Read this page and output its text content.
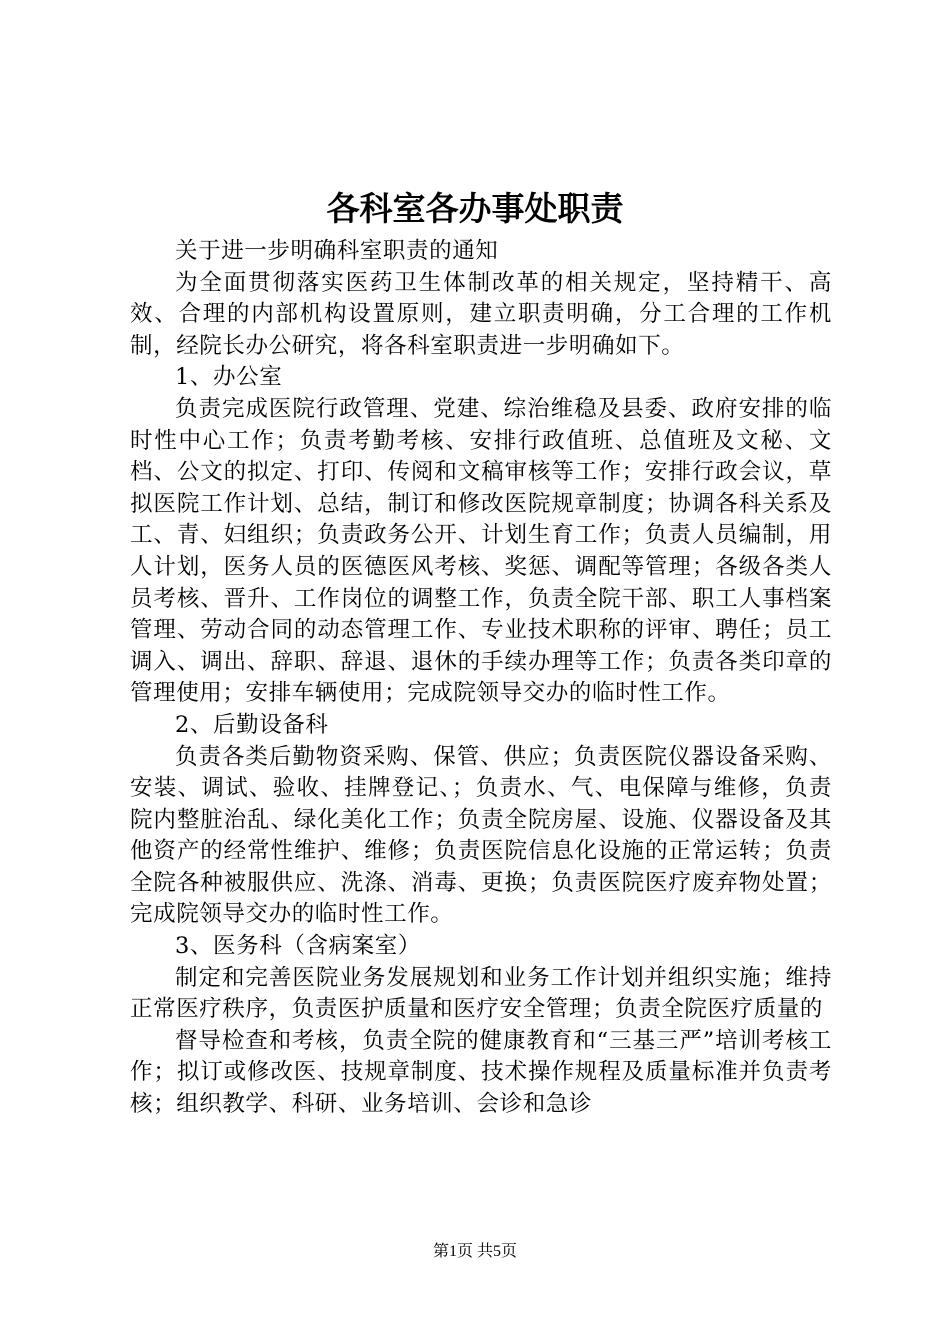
各科室各办事处职责

关于进一步明确科室职责的通知

为全面贯彻落实医药卫生体制改革的相关规定，坚持精干、高效、合理的内部机构设置原则，建立职责明确，分工合理的工作机制，经院长办公研究，将各科室职责进一步明确如下。

1、办公室

负责完成医院行政管理、党建、综治维稳及县委、政府安排的临时性中心工作；负责考勤考核、安排行政值班、总值班及文秘、文档、公文的拟定、打印、传阅和文稿审核等工作；安排行政会议，草拟医院工作计划、总结，制订和修改医院规章制度；协调各科关系及工、青、妇组织；负责政务公开、计划生育工作；负责人员编制，用人计划，医务人员的医德医风考核、奖惩、调配等管理；各级各类人员考核、晋升、工作岗位的调整工作，负责全院干部、职工人事档案管理、劳动合同的动态管理工作、专业技术职称的评审、聘任；员工调入、调出、辞职、辞退、退休的手续办理等工作；负责各类印章的管理使用；安排车辆使用；完成院领导交办的临时性工作。

2、后勤设备科

负责各类后勤物资采购、保管、供应；负责医院仪器设备采购、安装、调试、验收、挂牌登记、；负责水、气、电保障与维修，负责院内整脏治乱、绿化美化工作；负责全院房屋、设施、仪器设备及其他资产的经常性维护、维修；负责医院信息化设施的正常运转；负责全院各种被服供应、洗涤、消毒、更换；负责医院医疗废弃物处置；完成院领导交办的临时性工作。

3、医务科（含病案室）

制定和完善医院业务发展规划和业务工作计划并组织实施；维持正常医疗秩序，负责医护质量和医疗安全管理；负责全院医疗质量的

督导检查和考核，负责全院的健康教育和“三基三严”培训考核工作；拟订或修改医、技规章制度、技术操作规程及质量标准并负责考核；组织教学、科研、业务培训、会诊和急诊

第1页 共5页
